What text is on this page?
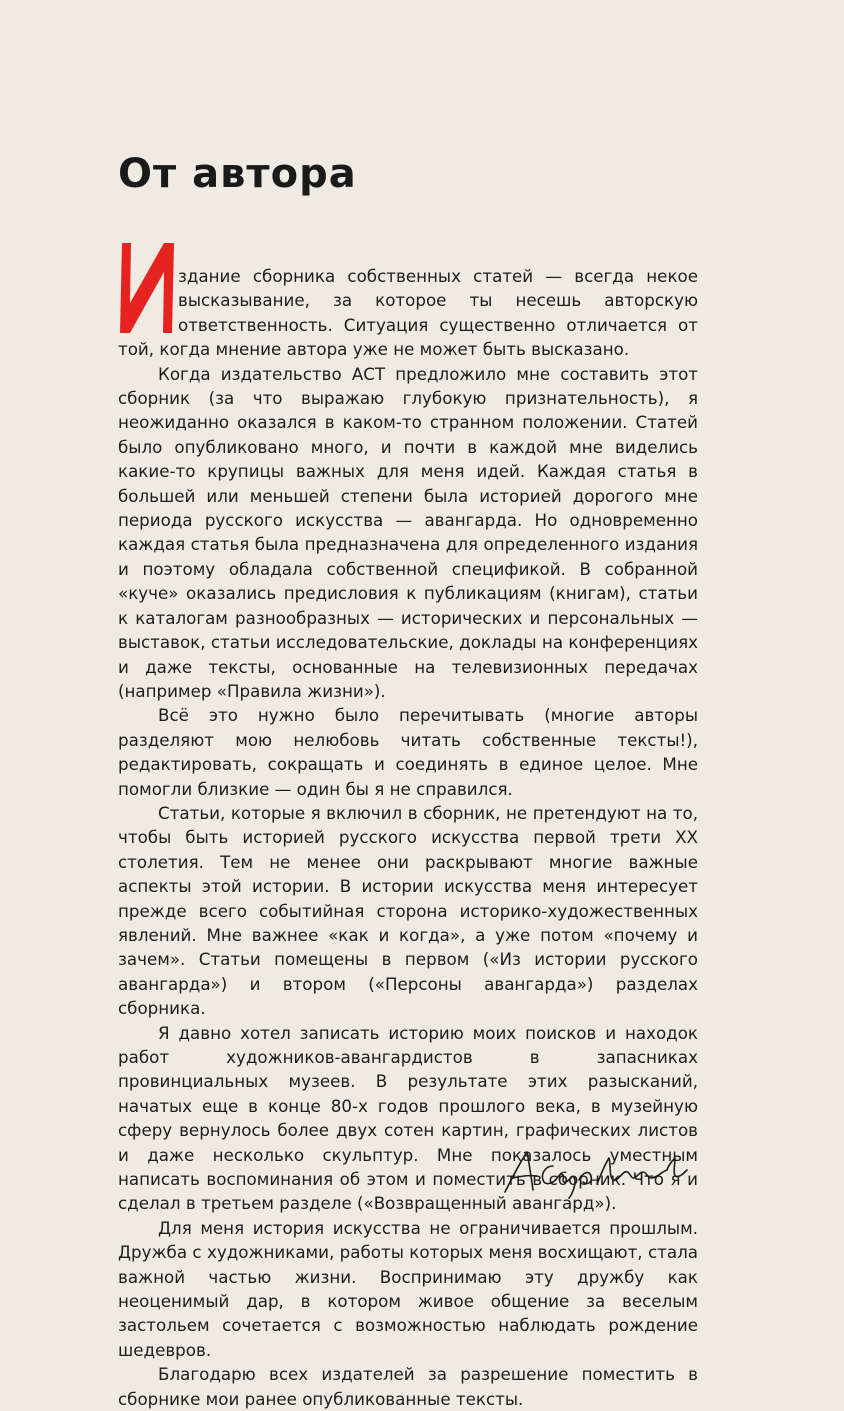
От автора

здание сборника собственных статей — всегда некое высказывание, за которое ты несешь авторскую ответственность. Ситуация существенно отличается от той, когда мнение автора уже не может быть высказано.

Когда издательство АСТ предложило мне составить этот сборник (за что выражаю глубокую признательность), я неожиданно оказался в каком-то странном положении. Статей было опубликовано много, и почти в каждой мне виделись какие-то крупицы важных для меня идей. Каждая статья в большей или меньшей степени была историей дорогого мне периода русского искусства — авангарда. Но одновременно каждая статья была предназначена для определенного издания и поэтому обладала собственной спецификой. В собранной «куче» оказались предисловия к публикациям (книгам), статьи к каталогам разнообразных — исторических и персональных — выставок, статьи исследовательские, доклады на конференциях и даже тексты, основанные на телевизионных передачах (например «Правила жизни»).

Всё это нужно было перечитывать (многие авторы разделяют мою нелюбовь читать собственные тексты!), редактировать, сокращать и соединять в единое целое. Мне помогли близкие — один бы я не справился.

Статьи, которые я включил в сборник, не претендуют на то, чтобы быть историей русского искусства первой трети XX столетия. Тем не менее они раскрывают многие важные аспекты этой истории. В истории искусства меня интересует прежде всего событийная сторона историко-художественных явлений. Мне важнее «как и когда», а уже потом «почему и зачем». Статьи помещены в первом («Из истории русского авангарда») и втором («Персоны авангарда») разделах сборника.

Я давно хотел записать историю моих поисков и находок работ художников-авангардистов в запасниках провинциальных музеев. В результате этих разысканий, начатых еще в конце 80-х годов прошлого века, в музейную сферу вернулось более двух сотен картин, графических листов и даже несколько скульптур. Мне показалось уместным написать воспоминания об этом и поместить в сборник. Что я и сделал в третьем разделе («Возвращенный авангард»).

Для меня история искусства не ограничивается прошлым. Дружба с художниками, работы которых меня восхищают, стала важной частью жизни. Воспринимаю эту дружбу как неоценимый дар, в котором живое общение за веселым застольем сочетается с возможностью наблюдать рождение шедевров.

Благодарю всех издателей за разрешение поместить в сборнике мои ранее опубликованные тексты.
